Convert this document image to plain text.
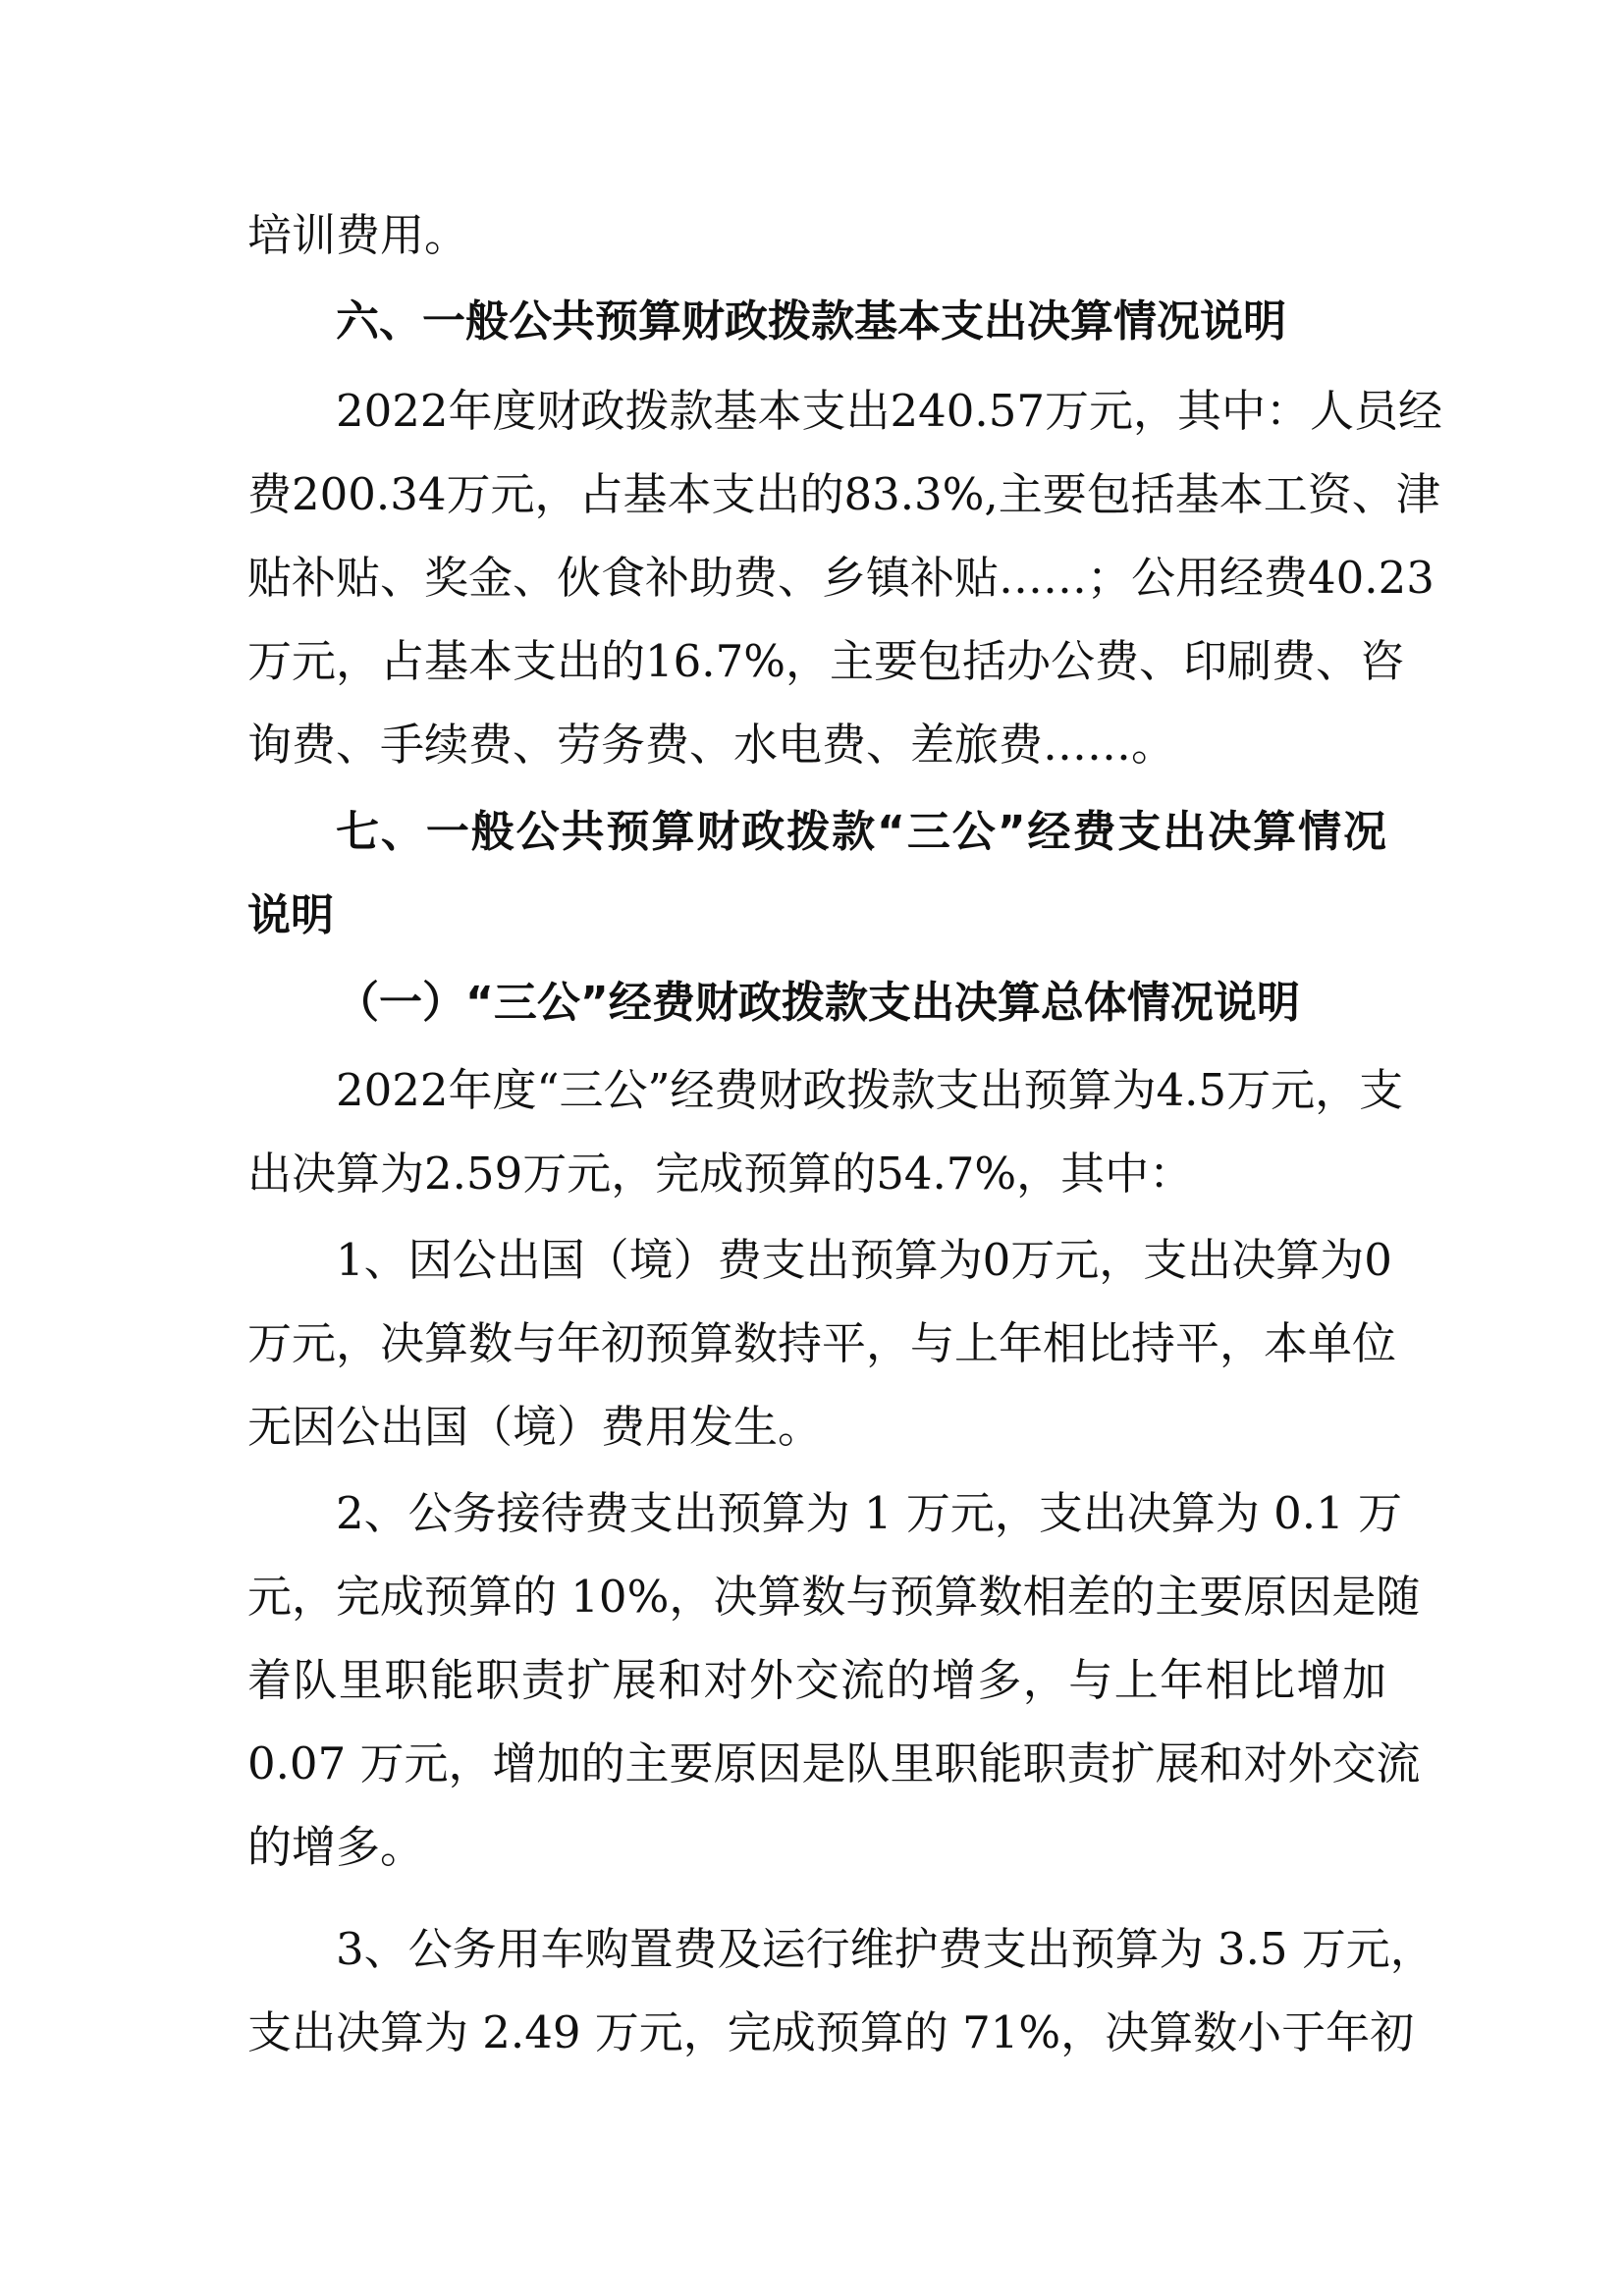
培训费用。
六、一般公共预算财政拨款基本支出决算情况说明
2022年度财政拨款基本支出240.57万元，其中：人员经
费200.34万元，占基本支出的83.3%,主要包括基本工资、津
贴补贴、奖金、伙食补助费、乡镇补贴……；公用经费40.23
万元，占基本支出的16.7%，主要包括办公费、印刷费、咨
询费、手续费、劳务费、水电费、差旅费……。
七、一般公共预算财政拨款“三公”经费支出决算情况
说明
（一）“三公”经费财政拨款支出决算总体情况说明
2022年度“三公”经费财政拨款支出预算为4.5万元，支
出决算为2.59万元，完成预算的54.7%，其中：
1、因公出国（境）费支出预算为0万元，支出决算为0
万元，决算数与年初预算数持平，与上年相比持平，本单位
无因公出国（境）费用发生。
2、公务接待费支出预算为 1 万元，支出决算为 0.1 万
元，完成预算的 10%，决算数与预算数相差的主要原因是随
着队里职能职责扩展和对外交流的增多，与上年相比增加
0.07 万元，增加的主要原因是队里职能职责扩展和对外交流
的增多。
3、公务用车购置费及运行维护费支出预算为 3.5 万元，
支出决算为 2.49 万元，完成预算的 71%，决算数小于年初
